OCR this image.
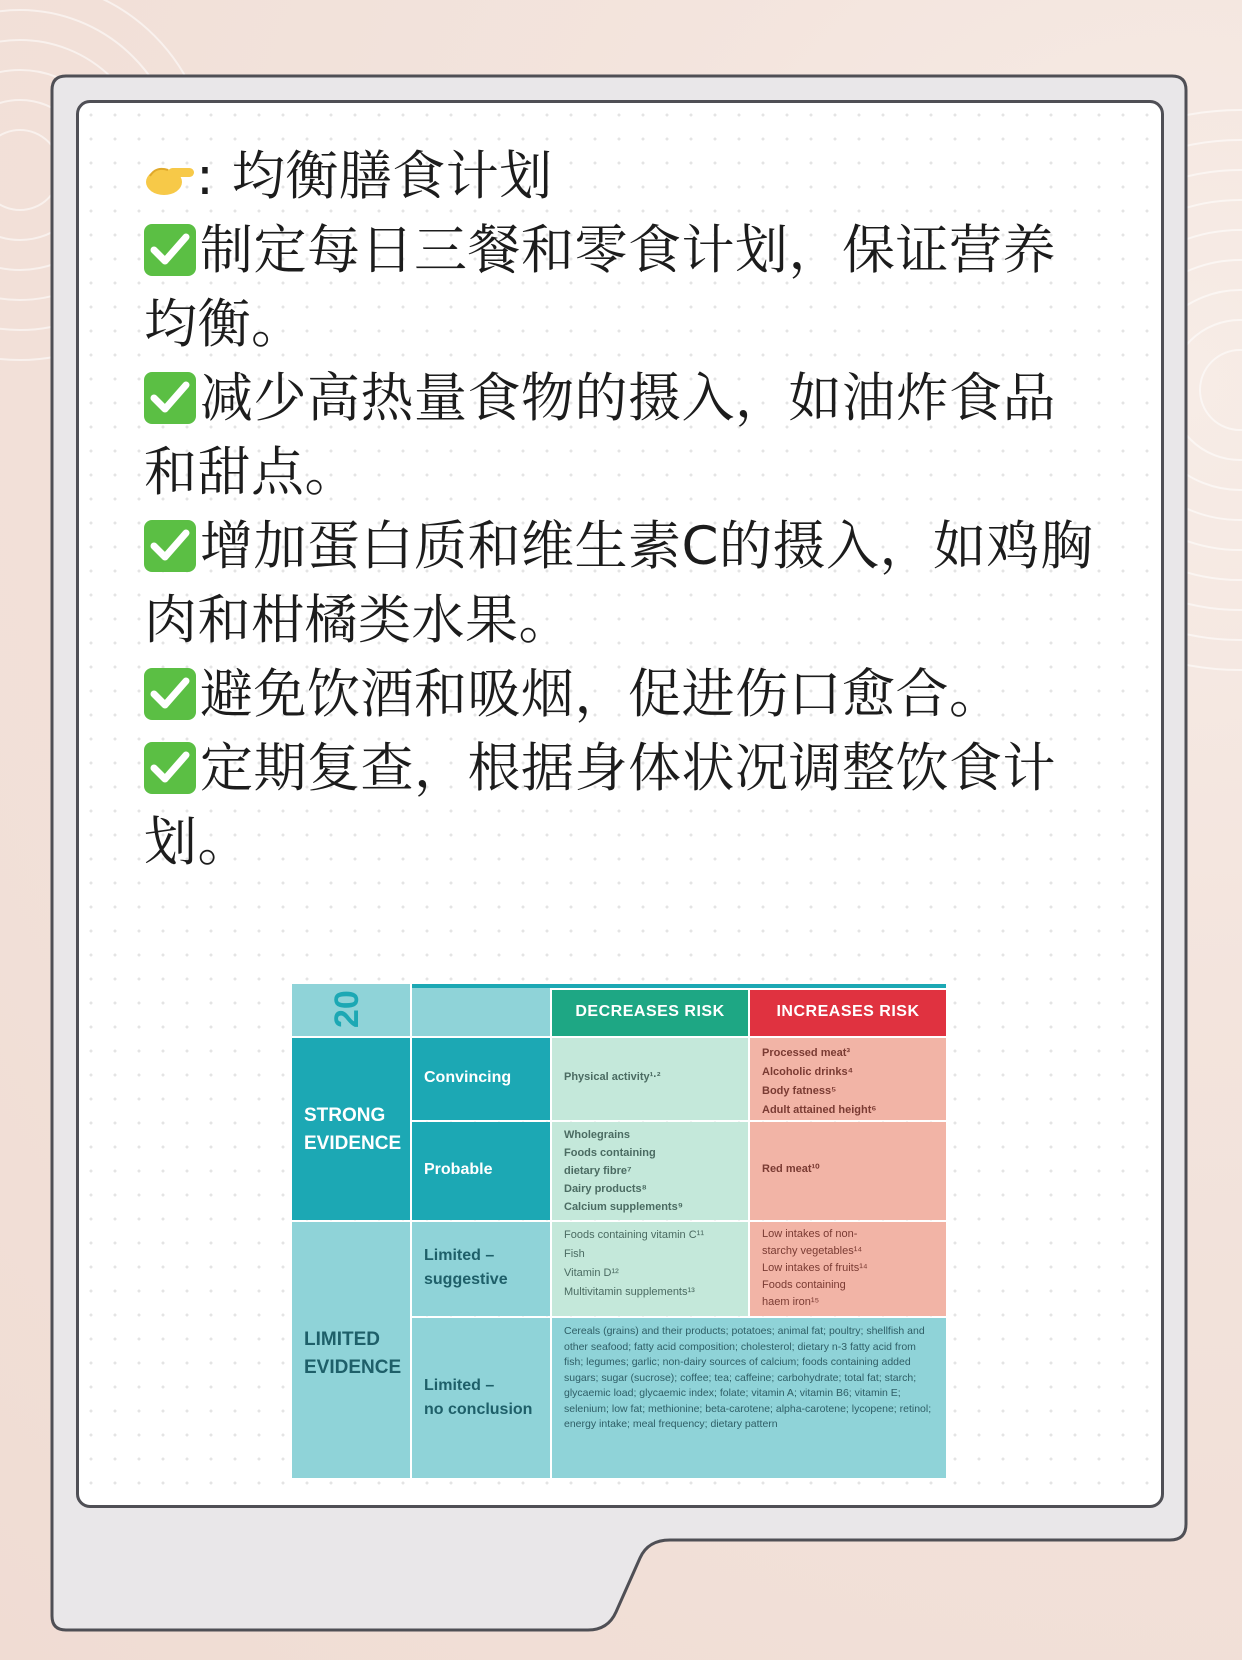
: 均衡膳食计划
制定每日三餐和零食计划，保证营养均衡。
减少高热量食物的摄入，如油炸食品和甜点。
增加蛋白质和维生素C的摄入，如鸡胸肉和柑橘类水果。
避免饮酒和吸烟，促进伤口愈合。
定期复查，根据身体状况调整饮食计划。
20	DECREASES RISK	INCREASES RISK
STRONG
EVIDENCE
Convincing
Probable
Physical activity¹·²
Processed meat³
Alcoholic drinks⁴
Body fatness⁵
Adult attained height⁶
Wholegrains
Foods containing
dietary fibre⁷
Dairy products⁸
Calcium supplements⁹
Red meat¹⁰
LIMITED
EVIDENCE
Limited –
suggestive
Limited –
no conclusion
Foods containing vitamin C¹¹
Fish
Vitamin D¹²
Multivitamin supplements¹³
Low intakes of non-
starchy vegetables¹⁴
Low intakes of fruits¹⁴
Foods containing
haem iron¹⁵
Cereals (grains) and their products; potatoes; animal fat; poultry; shellfish and other seafood; fatty acid composition; cholesterol; dietary n-3 fatty acid from fish; legumes; garlic; non-dairy sources of calcium; foods containing added sugars; sugar (sucrose); coffee; tea; caffeine; carbohydrate; total fat; starch; glycaemic load; glycaemic index; folate; vitamin A; vitamin B6; vitamin E; selenium; low fat; methionine; beta-carotene; alpha-carotene; lycopene; retinol; energy intake; meal frequency; dietary pattern
